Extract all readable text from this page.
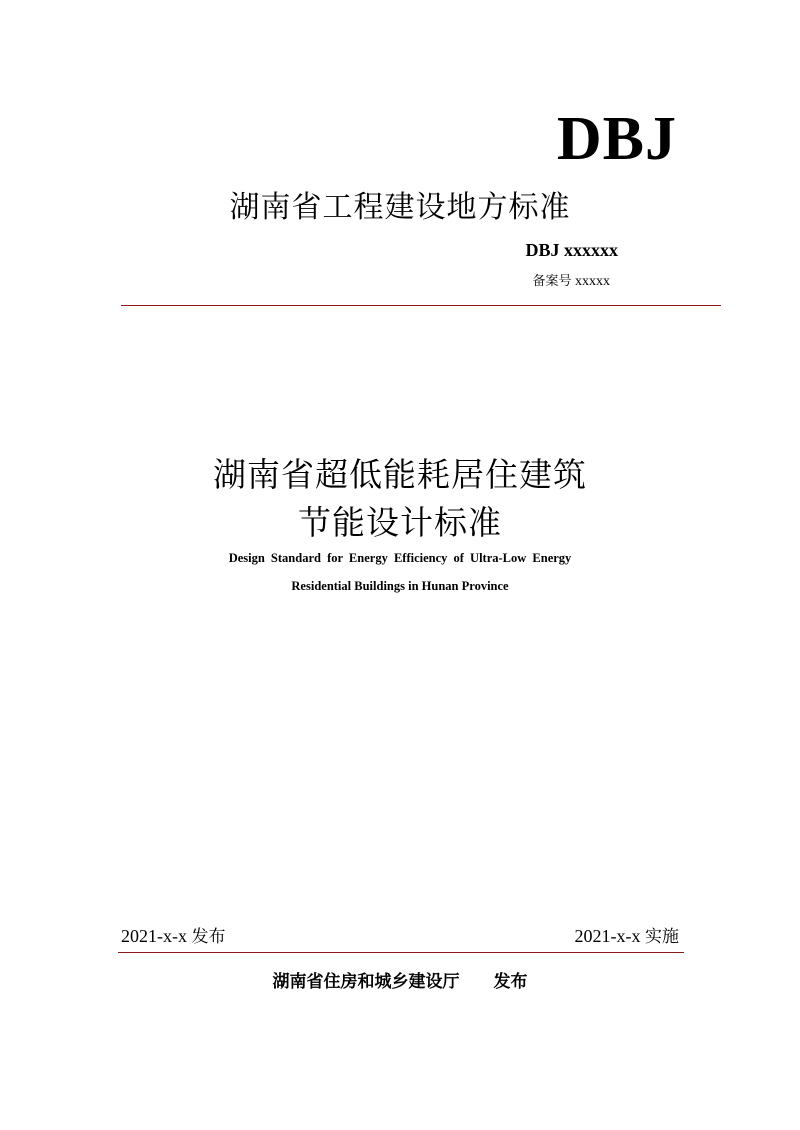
DBJ
湖南省工程建设地方标准
DBJ xxxxxx
备案号 xxxxx
湖南省超低能耗居住建筑
节能设计标准
Design Standard for Energy Efficiency of Ultra-Low Energy
Residential Buildings in Hunan Province
2021-x-x 发布	2021-x-x 实施
湖南省住房和城乡建设厅 发布
